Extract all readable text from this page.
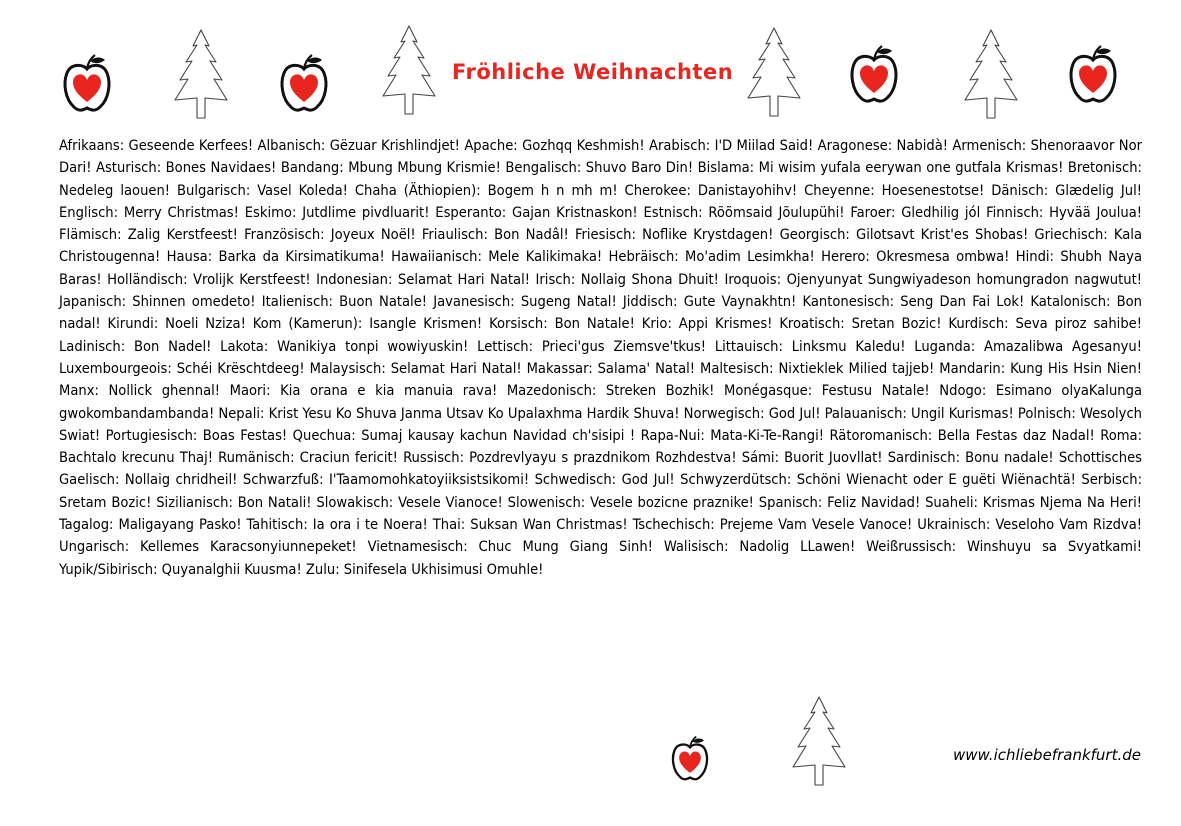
Fröhliche Weihnachten

Afrikaans: Geseende Kerfees! Albanisch: Gëzuar Krishlindjet! Apache: Gozhqq Keshmish! Arabisch: I'D Miilad Said! Aragonese: Nabidà! Armenisch: Shenoraavor Nor Dari! Asturisch: Bones Navidaes! Bandang: Mbung Mbung Krismie! Bengalisch: Shuvo Baro Din! Bislama: Mi wisim yufala eerywan one gutfala Krismas! Bretonisch: Nedeleg laouen! Bulgarisch: Vasel Koleda! Chaha (Äthiopien): Bogem h n mh m! Cherokee: Danistayohihv! Cheyenne: Hoesenestotse! Dänisch: Glædelig Jul! Englisch: Merry Christmas! Eskimo: Jutdlime pivdluarit! Esperanto: Gajan Kristnaskon! Estnisch: Rõõmsaid Jõulupühi! Faroer: Gledhilig jól Finnisch: Hyvää Joulua! Flämisch: Zalig Kerstfeest! Französisch: Joyeux Noël! Friaulisch: Bon Nadâl! Friesisch: Noflike Krystdagen! Georgisch: Gilotsavt Krist'es Shobas! Griechisch: Kala Christougenna! Hausa: Barka da Kirsimatikuma! Hawaiianisch: Mele Kalikimaka! Hebräisch: Mo'adim Lesimkha! Herero: Okresmesa ombwa! Hindi: Shubh Naya Baras! Holländisch: Vrolijk Kerstfeest! Indonesian: Selamat Hari Natal! Irisch: Nollaig Shona Dhuit! Iroquois: Ojenyunyat Sungwiyadeson homungradon nagwutut! Japanisch: Shinnen omedeto! Italienisch: Buon Natale! Javanesisch: Sugeng Natal! Jiddisch: Gute Vaynakhtn! Kantonesisch: Seng Dan Fai Lok! Katalonisch: Bon nadal! Kirundi: Noeli Nziza! Kom (Kamerun): Isangle Krismen! Korsisch: Bon Natale! Krio: Appi Krismes! Kroatisch: Sretan Bozic! Kurdisch: Seva piroz sahibe! Ladinisch: Bon Nadel! Lakota: Wanikiya tonpi wowiyuskin! Lettisch: Prieci'gus Ziemsve'tkus! Littauisch: Linksmu Kaledu! Luganda: Amazalibwa Agesanyu! Luxembourgeois: Schéi Krëschtdeeg! Malaysisch: Selamat Hari Natal! Makassar: Salama' Natal! Maltesisch: Nixtieklek Milied tajjeb! Mandarin: Kung His Hsin Nien! Manx: Nollick ghennal! Maori: Kia orana e kia manuia rava! Mazedonisch: Streken Bozhik! Monégasque: Festusu Natale! Ndogo: Esimano olyaKalunga gwokombandambanda! Nepali: Krist Yesu Ko Shuva Janma Utsav Ko Upalaxhma Hardik Shuva! Norwegisch: God Jul! Palauanisch: Ungil Kurismas! Polnisch: Wesolych Swiat! Portugiesisch: Boas Festas! Quechua: Sumaj kausay kachun Navidad ch'sisipi ! Rapa-Nui: Mata-Ki-Te-Rangi! Rätoromanisch: Bella Festas daz Nadal! Roma: Bachtalo krecunu Thaj! Rumänisch: Craciun fericit! Russisch: Pozdrevlyayu s prazdnikom Rozhdestva! Sámi: Buorit Juovllat! Sardinisch: Bonu nadale! Schottisches Gaelisch: Nollaig chridheil! Schwarzfuß: I'Taamomohkatoyiiksistsikomi! Schwedisch: God Jul! Schwyzerdütsch: Schöni Wienacht oder E guëti Wiënachtä! Serbisch: Sretam Bozic! Sizilianisch: Bon Natali! Slowakisch: Vesele Vianoce! Slowenisch: Vesele bozicne praznike! Spanisch: Feliz Navidad! Suaheli: Krismas Njema Na Heri! Tagalog: Maligayang Pasko! Tahitisch: Ia ora i te Noera! Thai: Suksan Wan Christmas! Tschechisch: Prejeme Vam Vesele Vanoce! Ukrainisch: Veseloho Vam Rizdva! Ungarisch: Kellemes Karacsonyiunnepeket! Vietnamesisch: Chuc Mung Giang Sinh! Walisisch: Nadolig LLawen! Weißrussisch: Winshuyu sa Svyatkami! Yupik/Sibirisch: Quyanalghii Kuusma! Zulu: Sinifesela Ukhisimusi Omuhle!

www.ichliebefrankfurt.de
